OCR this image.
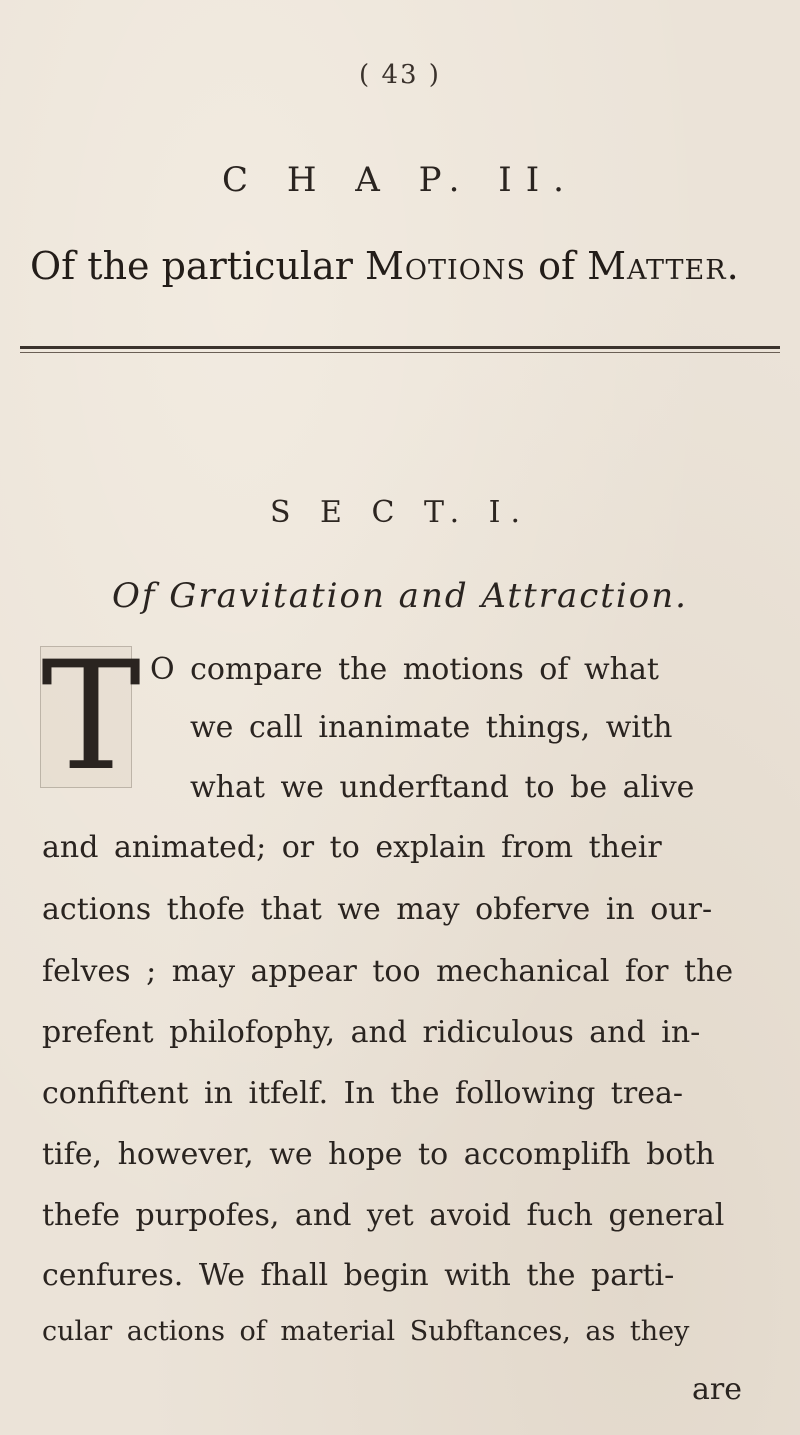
( 43 )
C H A P. II.
Of the particular Motions of Matter.
S E C T. I.
Of Gravitation and Attraction.
T O compare the motions of what
we call inanimate things, with
what we underftand to be alive
and animated; or to explain from their
actions thofe that we may obferve in our-
felves ; may appear too mechanical for the
prefent philofophy, and ridiculous and in-
confiftent in itfelf. In the following trea-
tife, however, we hope to accomplifh both
thefe purpofes, and yet avoid fuch general
cenfures. We fhall begin with the parti-
cular actions of material Subftances, as they
are
